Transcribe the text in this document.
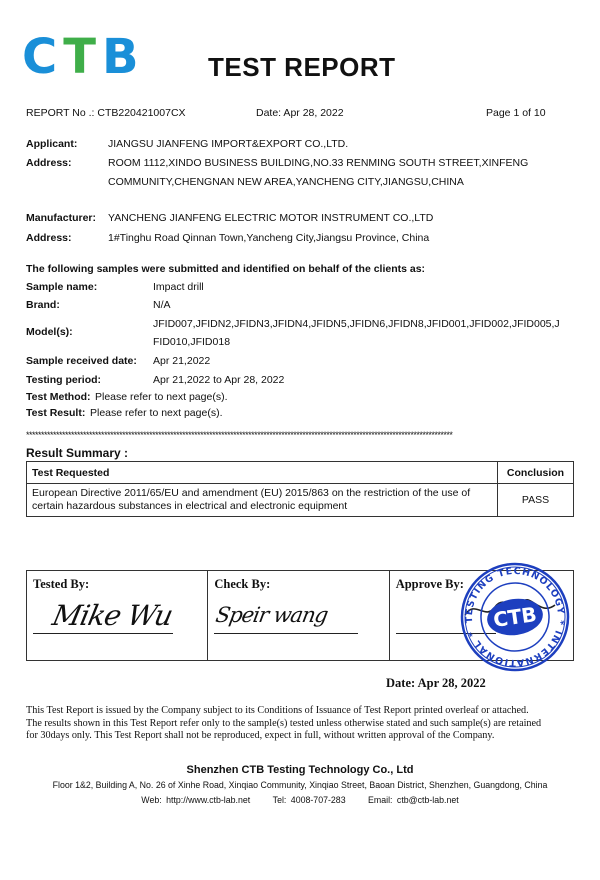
C T B TEST REPORT
REPORT No .: CTB220421007CX	Date: Apr 28, 2022	Page 1 of 10
Applicant:	JIANGSU JIANFENG IMPORT&EXPORT CO.,LTD.
Address:	ROOM 1112,XINDO BUSINESS BUILDING,NO.33 RENMING SOUTH STREET,XINFENG
COMMUNITY,CHENGNAN NEW AREA,YANCHENG CITY,JIANGSU,CHINA
Manufacturer: YANCHENG JIANFENG ELECTRIC MOTOR INSTRUMENT CO.,LTD
Address:	1#Tinghu Road Qinnan Town,Yancheng City,Jiangsu Province, China
The following samples were submitted and identified on behalf of the clients as:
Sample name:	Impact drill
Brand:	N/A
Model(s):
JFID007,JFIDN2,JFIDN3,JFIDN4,JFIDN5,JFIDN6,JFIDN8,JFID001,JFID002,JFID005,J
FID010,JFID018
Sample received date: Apr 21,2022
Testing period:	Apr 21,2022 to Apr 28, 2022
Test Method: Please refer to next page(s).
Test Result: Please refer to next page(s).
**********************************************************************************************************************************************
Result Summary :
Test Requested	Conclusion

European Directive 2011/65/EU and amendment (EU) 2015/863 on the restriction of the use of
certain hazardous substances in electrical and electronic equipment	PASS
Tested By:
Mike Wu
Check By:
Speir wang
Approve By:
TESTING TECHNOLOGY * INTERNATIONAL *
CTB
Date: Apr 28, 2022
This Test Report is issued by the Company subject to its Conditions of Issuance of Test Report printed overleaf or attached.
The results shown in this Test Report refer only to the sample(s) tested unless otherwise stated and such sample(s) are retained
for 30days only. This Test Report shall not be reproduced, expect in full, without written approval of the Company.
Shenzhen CTB Testing Technology Co., Ltd
Floor 1&2, Building A, No. 26 of Xinhe Road, Xinqiao Community, Xinqiao Street, Baoan District, Shenzhen, Guangdong, China
Web: http://www.ctb-lab.net	Tel: 4008-707-283	Email: ctb@ctb-lab.net
